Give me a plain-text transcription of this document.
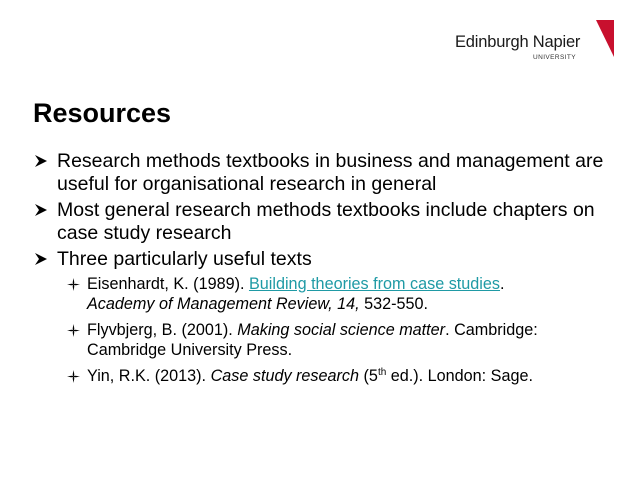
Edinburgh Napier
UNIVERSITY
Resources
Research methods textbooks in business and management are useful for organisational research in general
Most general research methods textbooks include chapters on case study research
Three particularly useful texts
Eisenhardt, K. (1989). Building theories from case studies.
Academy of Management Review, 14, 532-550.
Flyvbjerg, B. (2001). Making social science matter. Cambridge: Cambridge University Press.
Yin, R.K. (2013). Case study research (5th ed.). London: Sage.
